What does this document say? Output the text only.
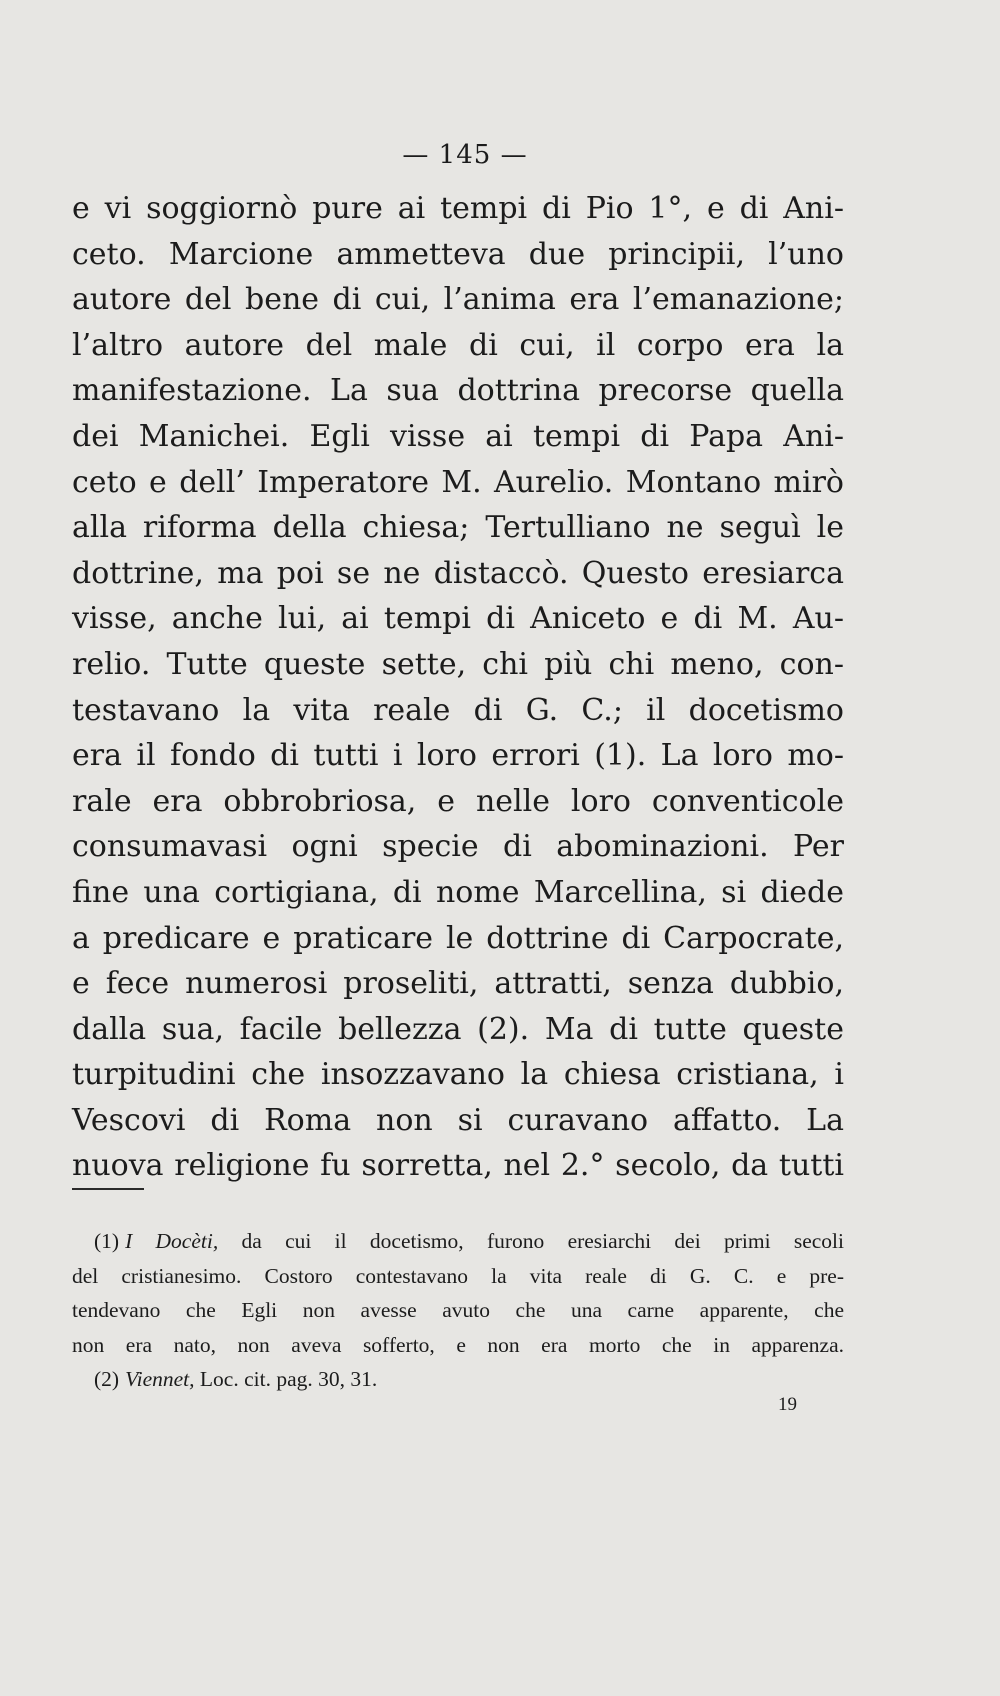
— 145 —
e vi soggiornò pure ai tempi di Pio 1°, e di Ani-
ceto. Marcione ammetteva due principii, l’uno
autore del bene di cui, l’anima era l’emanazione;
l’altro autore del male di cui, il corpo era la
manifestazione. La sua dottrina precorse quella
dei Manichei. Egli visse ai tempi di Papa Ani-
ceto e dell’ Imperatore M. Aurelio. Montano mirò
alla riforma della chiesa; Tertulliano ne seguì le
dottrine, ma poi se ne distaccò. Questo eresiarca
visse, anche lui, ai tempi di Aniceto e di M. Au-
relio. Tutte queste sette, chi più chi meno, con-
testavano la vita reale di G. C.; il docetismo
era il fondo di tutti i loro errori (1). La loro mo-
rale era obbrobriosa, e nelle loro conventicole
consumavasi ogni specie di abominazioni. Per
fine una cortigiana, di nome Marcellina, si diede
a predicare e praticare le dottrine di Carpocrate,
e fece numerosi proseliti, attratti, senza dubbio,
dalla sua, facile bellezza (2). Ma di tutte queste
turpitudini che insozzavano la chiesa cristiana, i
Vescovi di Roma non si curavano affatto. La
nuova religione fu sorretta, nel 2.° secolo, da tutti
(1) I Docèti, da cui il docetismo, furono eresiarchi dei primi secoli
del cristianesimo. Costoro contestavano la vita reale di G. C. e pre-
tendevano che Egli non avesse avuto che una carne apparente, che
non era nato, non aveva sofferto, e non era morto che in apparenza.
(2) Viennet, Loc. cit. pag. 30, 31.
19
